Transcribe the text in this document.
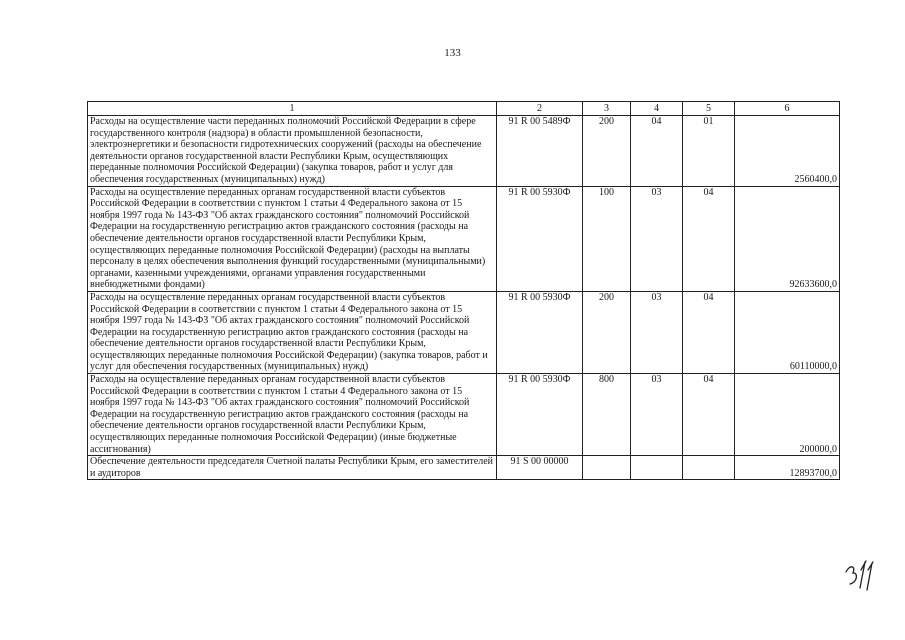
133
1	2	3	4	5	6
Расходы на осуществление части переданных полномочий Российской Федерации в сфере государственного контроля (надзора) в области промышленной безопасности, электроэнергетики и безопасности гидротехнических сооружений (расходы на обеспечение деятельности органов государственной власти Республики Крым, осуществляющих переданные полномочия Российской Федерации) (закупка товаров, работ и услуг для обеспечения государственных (муниципальных) нужд)	91 R 00 5489Ф	200	04	01	2560400,0
Расходы на осуществление переданных органам государственной власти субъектов Российской Федерации в соответствии с пунктом 1 статьи 4 Федерального закона от 15 ноября 1997 года № 143-ФЗ "Об актах гражданского состояния" полномочий Российской Федерации на государственную регистрацию актов гражданского состояния (расходы на обеспечение деятельности органов государственной власти Республики Крым, осуществляющих переданные полномочия Российской Федерации) (расходы на выплаты персоналу в целях обеспечения выполнения функций государственными (муниципальными) органами, казенными учреждениями, органами управления государственными внебюджетными фондами)	91 R 00 5930Ф	100	03	04	92633600,0
Расходы на осуществление переданных органам государственной власти субъектов Российской Федерации в соответствии с пунктом 1 статьи 4 Федерального закона от 15 ноября 1997 года № 143-ФЗ "Об актах гражданского состояния" полномочий Российской Федерации на государственную регистрацию актов гражданского состояния (расходы на обеспечение деятельности органов государственной власти Республики Крым, осуществляющих переданные полномочия Российской Федерации) (закупка товаров, работ и услуг для обеспечения государственных (муниципальных) нужд)	91 R 00 5930Ф	200	03	04	60110000,0
Расходы на осуществление переданных органам государственной власти субъектов Российской Федерации в соответствии с пунктом 1 статьи 4 Федерального закона от 15 ноября 1997 года № 143-ФЗ "Об актах гражданского состояния" полномочий Российской Федерации на государственную регистрацию актов гражданского состояния (расходы на обеспечение деятельности органов государственной власти Республики Крым, осуществляющих переданные полномочия Российской Федерации) (иные бюджетные ассигнования)	91 R 00 5930Ф	800	03	04	200000,0
Обеспечение деятельности председателя Счетной палаты Республики Крым, его заместителей и аудиторов	91 S 00 00000				12893700,0
